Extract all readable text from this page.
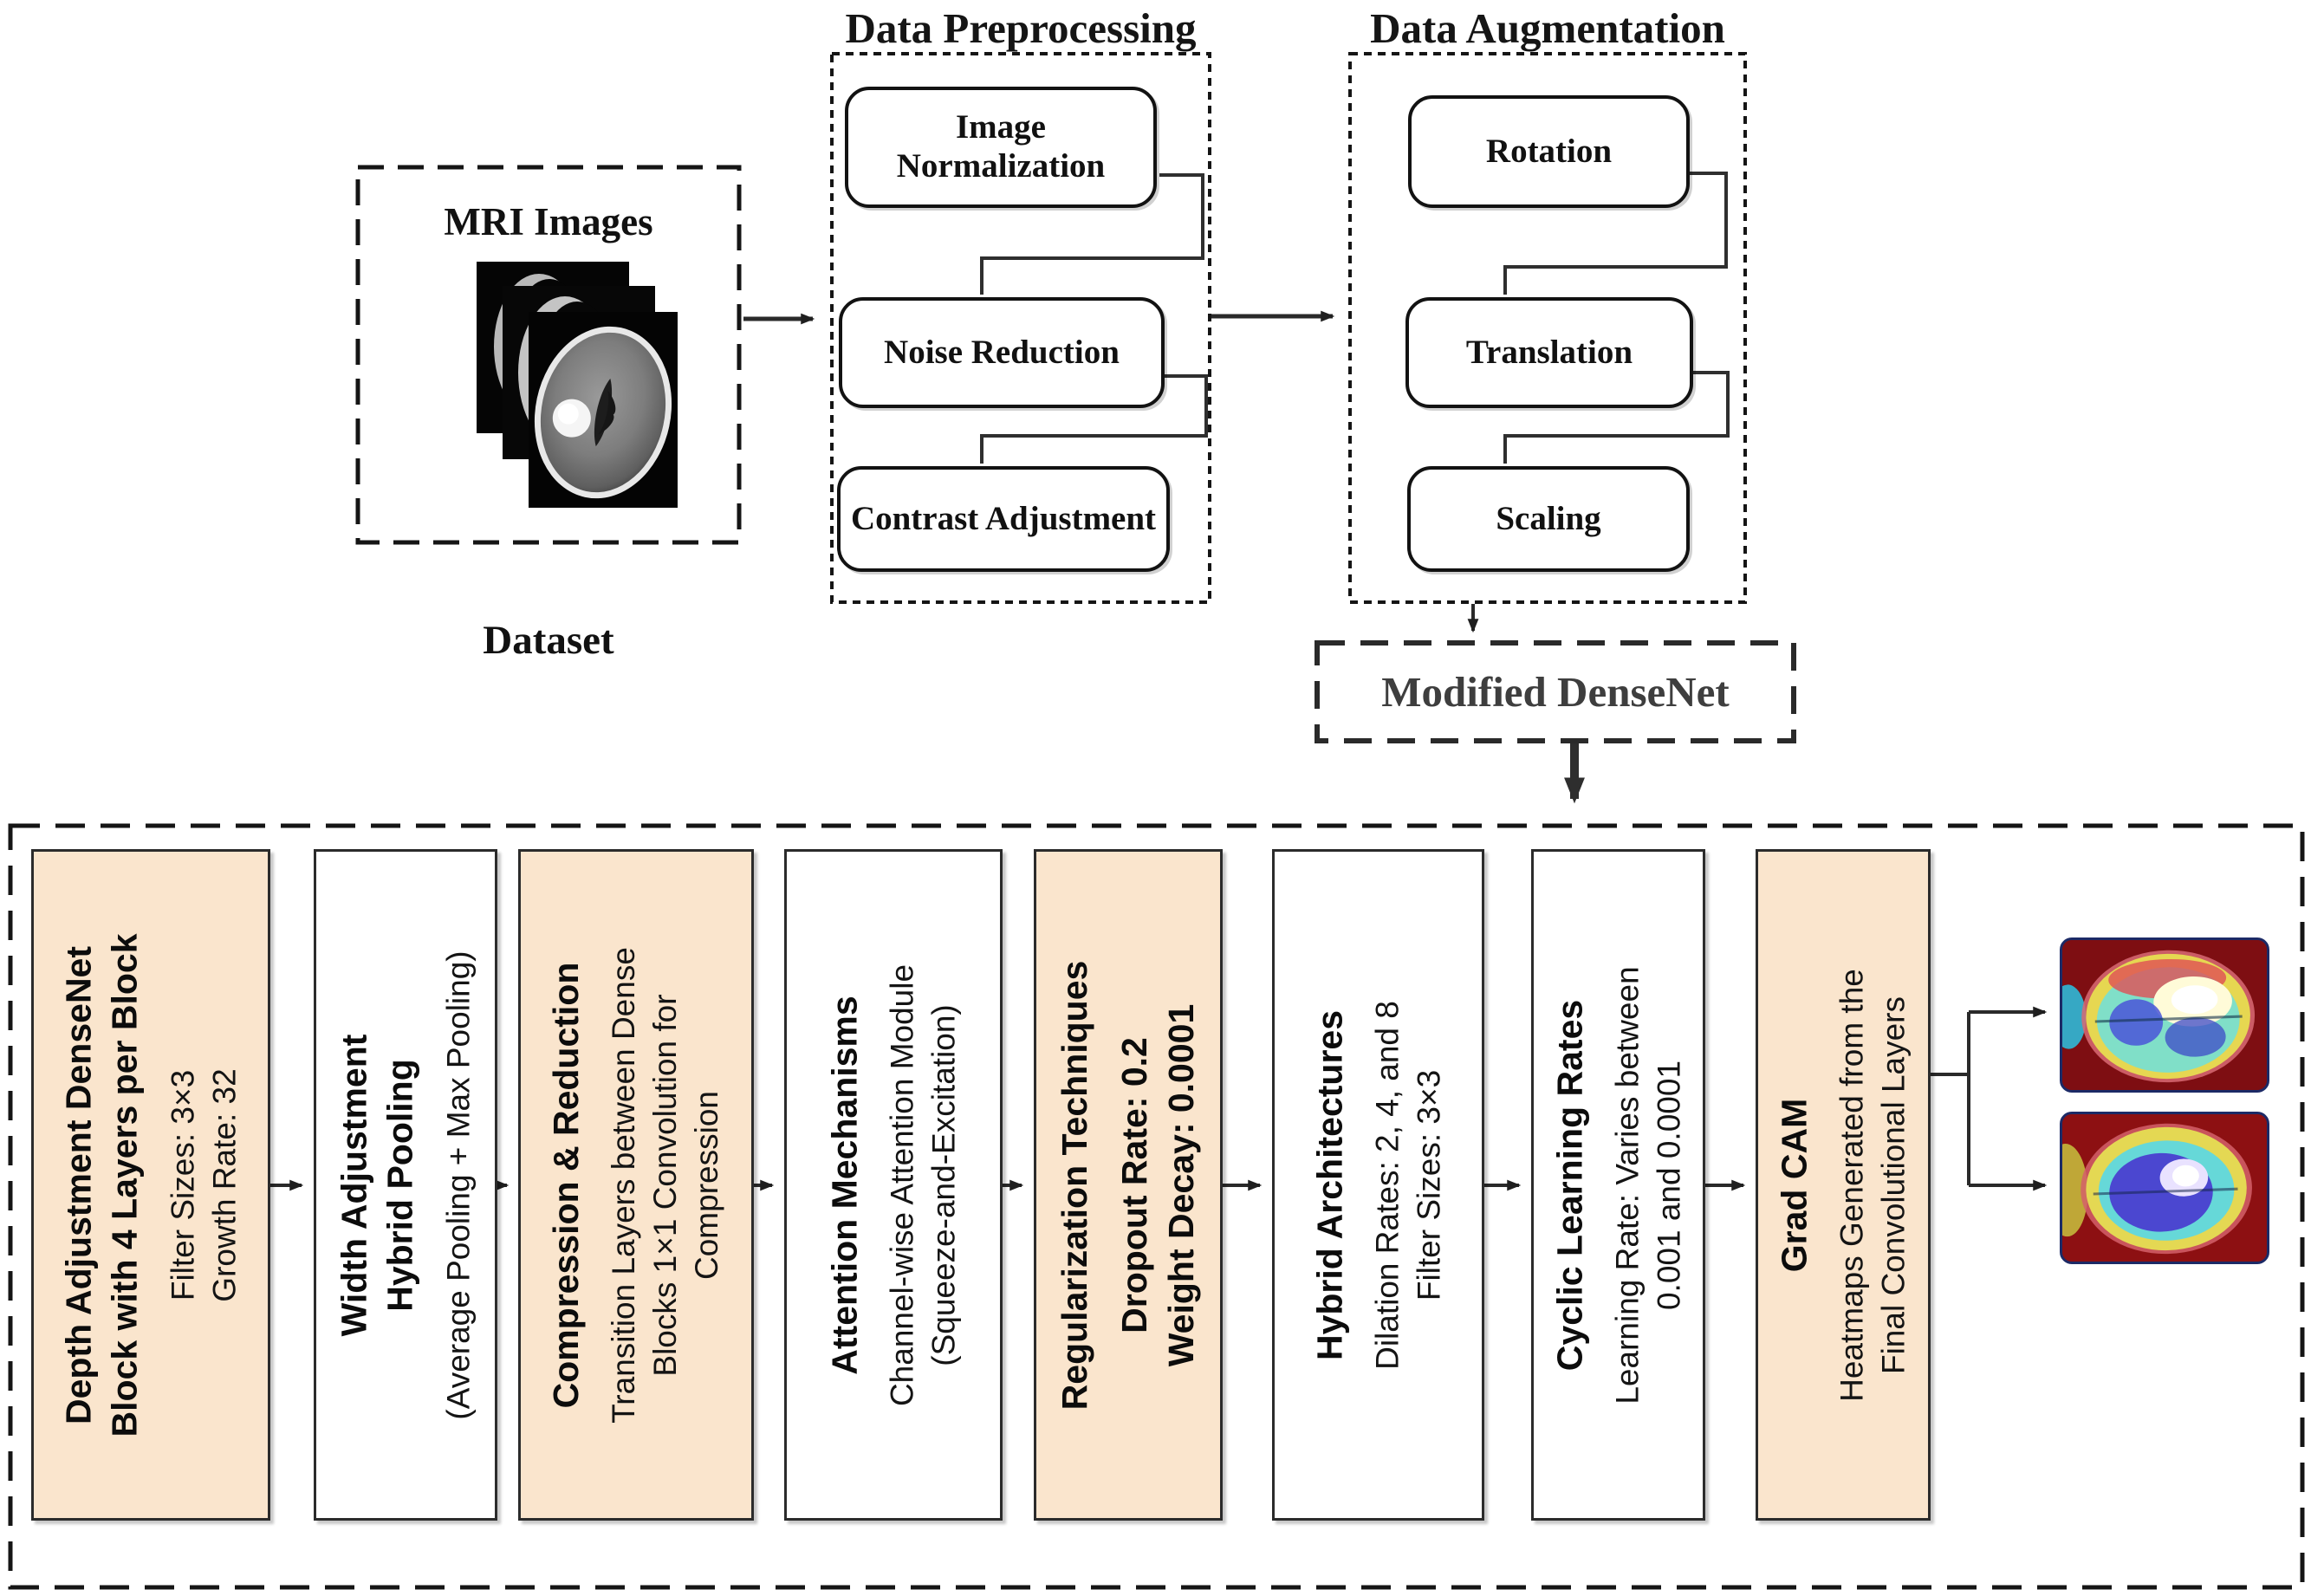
Data Preprocessing	Data Augmentation
MRI Images
Dataset
Image Normalization
Noise Reduction
Contrast Adjustment
Rotation
Translation
Scaling
Modified DenseNet
Depth Adjustment DenseNet Block with 4 Layers per Block Filter Sizes: 3×3 Growth Rate: 32	Width Adjustment Hybrid Pooling (Average Pooling + Max Pooling) Compression & Reduction Transition Layers between Dense Blocks 1×1 Convolution for Compression	Attention Mechanisms Channel-wise Attention Module (Squeeze-and-Excitation)	Regularization Techniques Dropout Rate: 0.2 Weight Decay: 0.0001	Hybrid Architectures Dilation Rates: 2, 4, and 8 Filter Sizes: 3×3	Cyclic Learning Rates Learning Rate: Varies between 0.001 and 0.0001 Grad CAM Heatmaps Generated from the Final Convolutional Layers
